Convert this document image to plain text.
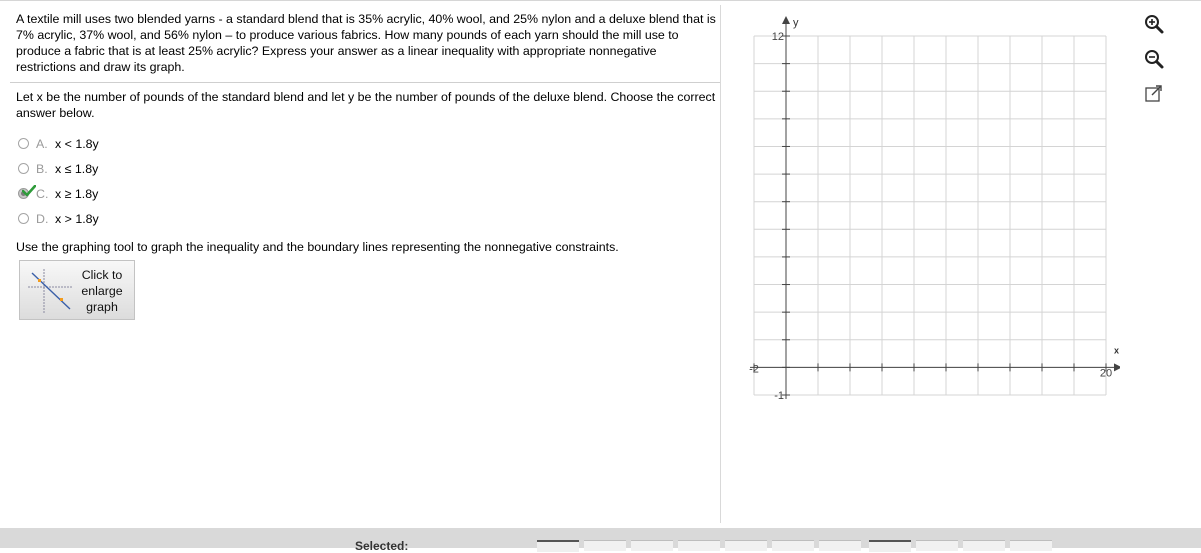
A textile mill uses two blended yarns - a standard blend that is 35% acrylic, 40% wool, and 25% nylon and a deluxe blend that is 7% acrylic, 37% wool, and 56% nylon – to produce various fabrics. How many pounds of each yarn should the mill use to produce a fabric that is at least 25% acrylic? Express your answer as a linear inequality with appropriate nonnegative restrictions and draw its graph.
Let x be the number of pounds of the standard blend and let y be the number of pounds of the deluxe blend. Choose the correct answer below.
A. x < 1.8y
B. x ≤ 1.8y
C. x ≥ 1.8y
D. x > 1.8y
Use the graphing tool to graph the inequality and the boundary lines representing the nonnegative constraints.
Click to
enlarge
graph
x
y
12
-1
-2	20
Selected:
